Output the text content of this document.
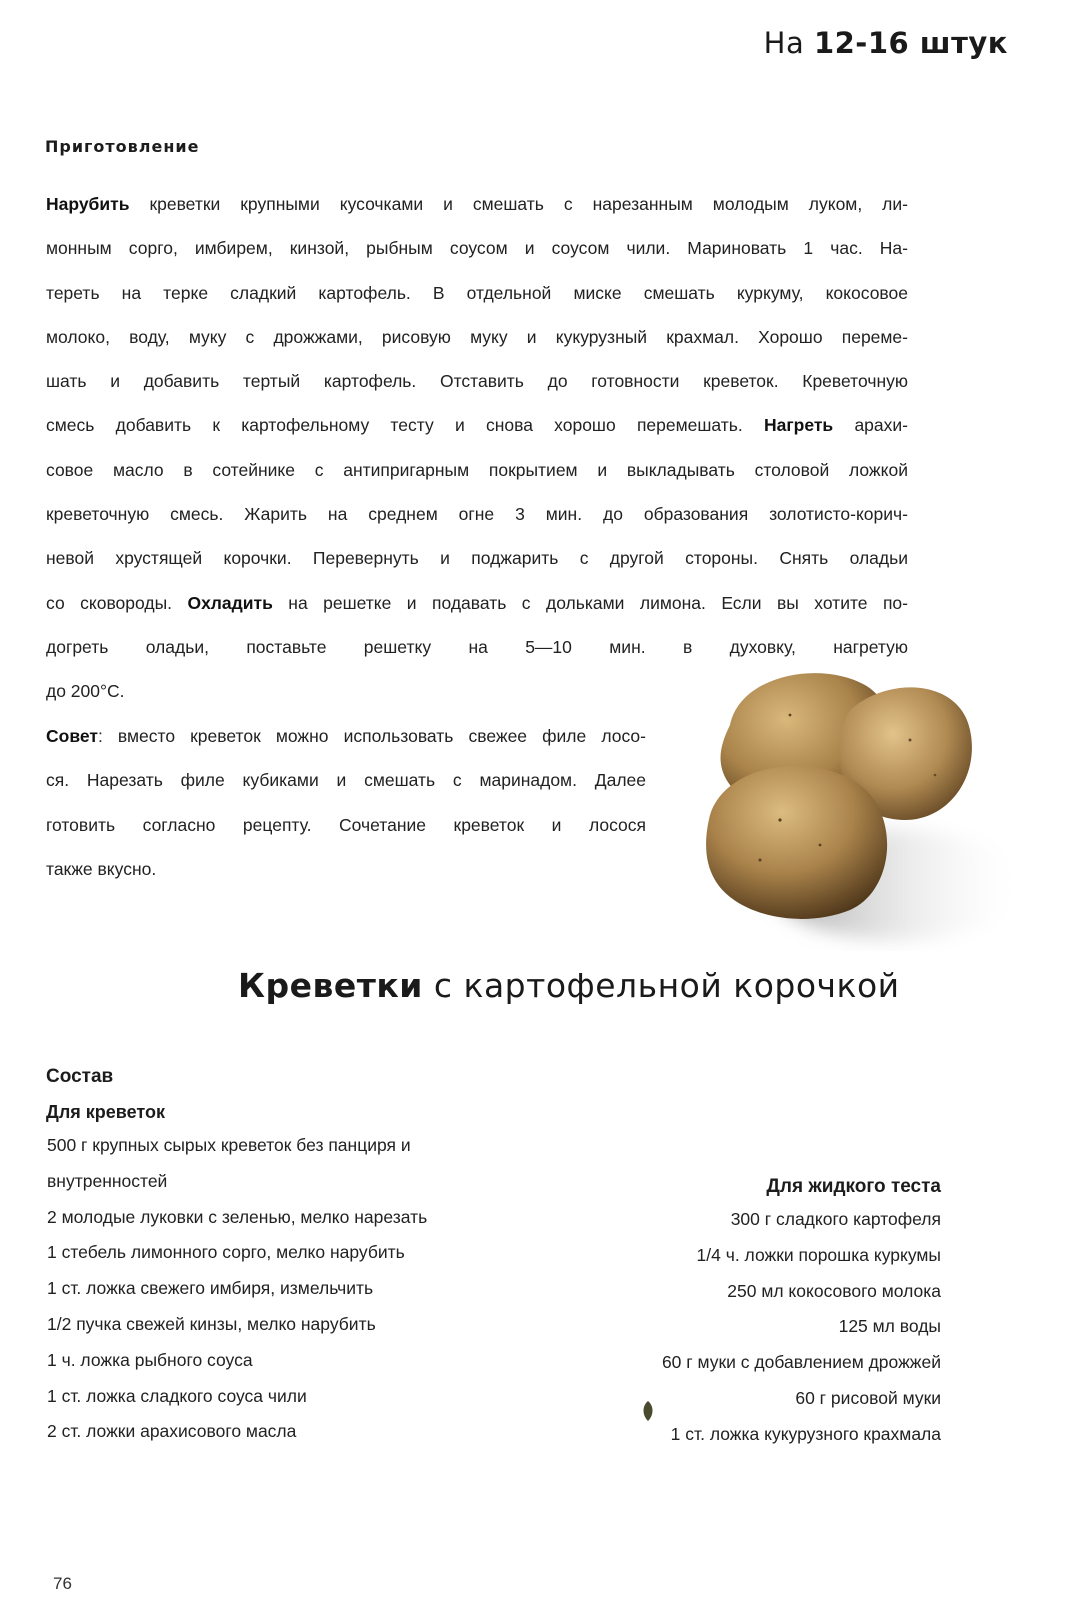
На 12-16 штук
Приготовление
Нарубить креветки крупными кусочками и смешать с нарезанным молодым луком, ли-
монным сорго, имбирем, кинзой, рыбным соусом и соусом чили. Мариновать 1 час. На-
тереть на терке сладкий картофель. В отдельной миске смешать куркуму, кокосовое
молоко, воду, муку с дрожжами, рисовую муку и кукурузный крахмал. Хорошо переме-
шать и добавить тертый картофель. Отставить до готовности креветок. Креветочную
смесь добавить к картофельному тесту и снова хорошо перемешать. Нагреть арахи-
совое масло в сотейнике с антипригарным покрытием и выкладывать столовой ложкой
креветочную смесь. Жарить на среднем огне 3 мин. до образования золотисто-корич-
невой хрустящей корочки. Перевернуть и поджарить с другой стороны. Снять оладьи
со сковороды. Охладить на решетке и подавать с дольками лимона. Если вы хотите по-
догреть оладьи, поставьте решетку на 5—10 мин. в духовку, нагретую
до 200°С.
Совет: вместо креветок можно использовать свежее филе лосо-
ся. Нарезать филе кубиками и смешать с маринадом. Далее
готовить согласно рецепту. Сочетание креветок и лосося
также вкусно.
Креветки с картофельной корочкой
Состав
Для креветок
500 г крупных сырых креветок без панциря и
внутренностей
2 молодые луковки с зеленью, мелко нарезать
1 стебель лимонного сорго, мелко нарубить
1 ст. ложка свежего имбиря, измельчить
1/2 пучка свежей кинзы, мелко нарубить
1 ч. ложка рыбного соуса
1 ст. ложка сладкого соуса чили
2 ст. ложки арахисового масла
Для жидкого теста
300 г сладкого картофеля
1/4 ч. ложки порошка куркумы
250 мл кокосового молока
125 мл воды
60 г муки с добавлением дрожжей
60 г рисовой муки
1 ст. ложка кукурузного крахмала
76
